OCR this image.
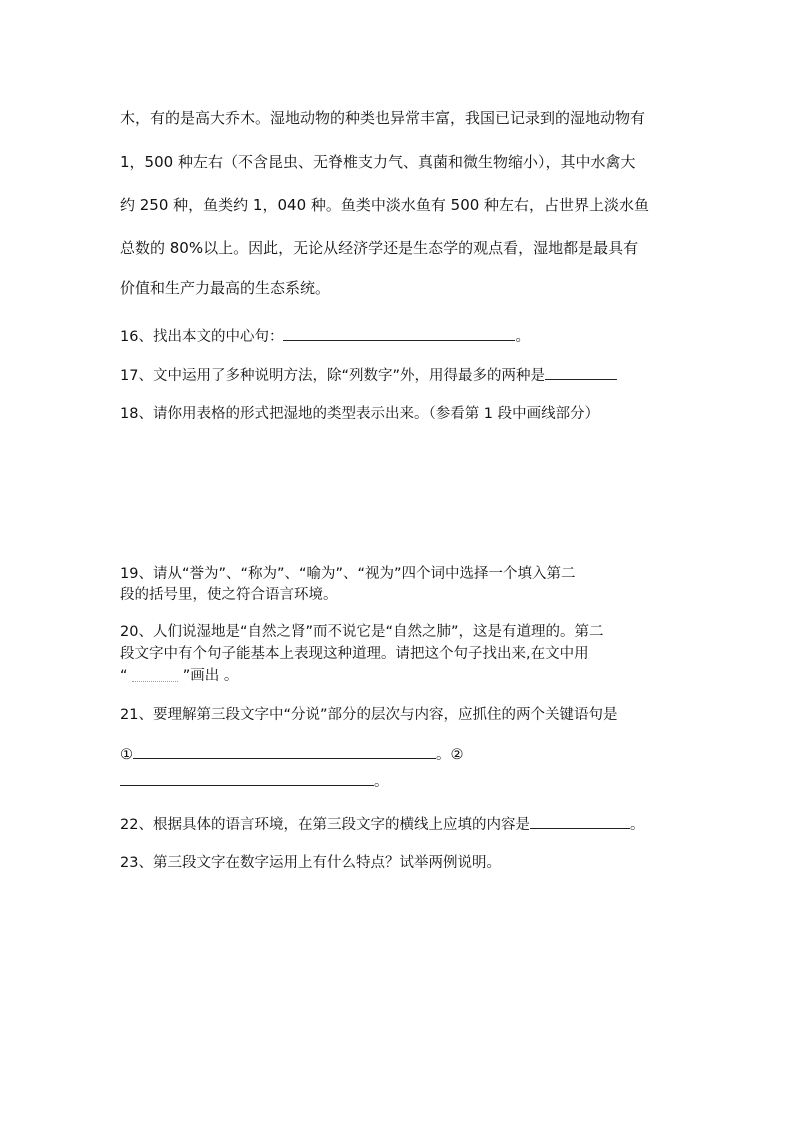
木，有的是高大乔木。湿地动物的种类也异常丰富，我国已记录到的湿地动物有
1，500 种左右（不含昆虫、无脊椎支力气、真菌和微生物缩小），其中水禽大
约 250 种，鱼类约 1，040 种。鱼类中淡水鱼有 500 种左右，占世界上淡水鱼
总数的 80%以上。因此，无论从经济学还是生态学的观点看，湿地都是最具有
价值和生产力最高的生态系统。
16、找出本文的中心句：	。
17、文中运用了多种说明方法，除“列数字”外，用得最多的两种是
18、请你用表格的形式把湿地的类型表示出来。（参看第 1 段中画线部分）
19、请从“誉为”、“称为”、“喻为”、“视为”四个词中选择一个填入第二
段的括号里，使之符合语言环境。
20、人们说湿地是“自然之肾”而不说它是“自然之肺”，这是有道理的。第二
段文字中有个句子能基本上表现这种道理。请把这个句子找出来,在文中用
“	”画出 。
21、要理解第三段文字中“分说”部分的层次与内容，应抓住的两个关键语句是
①	。②
。
22、根据具体的语言环境，在第三段文字的横线上应填的内容是	。
23、第三段文字在数字运用上有什么特点？试举两例说明。
